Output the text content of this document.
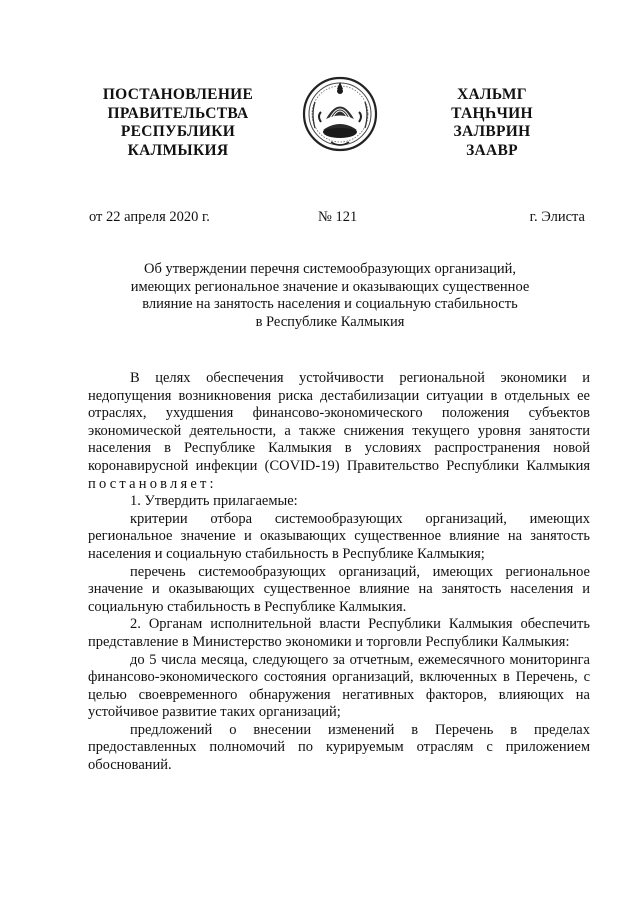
ПОСТАНОВЛЕНИЕ
ПРАВИТЕЛЬСТВА
РЕСПУБЛИКИ
КАЛМЫКИЯ
ХАЛЬМГ
ТАҢҺЧИН
ЗАЛВРИН
ЗААВР
от 22 апреля 2020 г.	№ 121	г. Элиста
Об утверждении перечня системообразующих организаций,
имеющих региональное значение и оказывающих существенное
влияние на занятость населения и социальную стабильность
в Республике Калмыкия

В целях обеспечения устойчивости региональной экономики и недопущения возникновения риска дестабилизации ситуации в отдельных ее отраслях, ухудшения финансово-экономического положения субъектов экономической деятельности, а также снижения текущего уровня занятости населения в Республике Калмыкия в условиях распространения новой коронавирусной инфекции (COVID-19) Правительство Республики Калмыкия постановляет:

1. Утвердить прилагаемые:

критерии отбора системообразующих организаций, имеющих региональное значение и оказывающих существенное влияние на занятость населения и социальную стабильность в Республике Калмыкия;

перечень системообразующих организаций, имеющих региональное значение и оказывающих существенное влияние на занятость населения и социальную стабильность в Республике Калмыкия.

2. Органам исполнительной власти Республики Калмыкия обеспечить представление в Министерство экономики и торговли Республики Калмыкия:

до 5 числа месяца, следующего за отчетным, ежемесячного мониторинга финансово-экономического состояния организаций, включенных в Перечень, с целью своевременного обнаружения негативных факторов, влияющих на устойчивое развитие таких организаций;

предложений о внесении изменений в Перечень в пределах предоставленных полномочий по курируемым отраслям с приложением обоснований.
